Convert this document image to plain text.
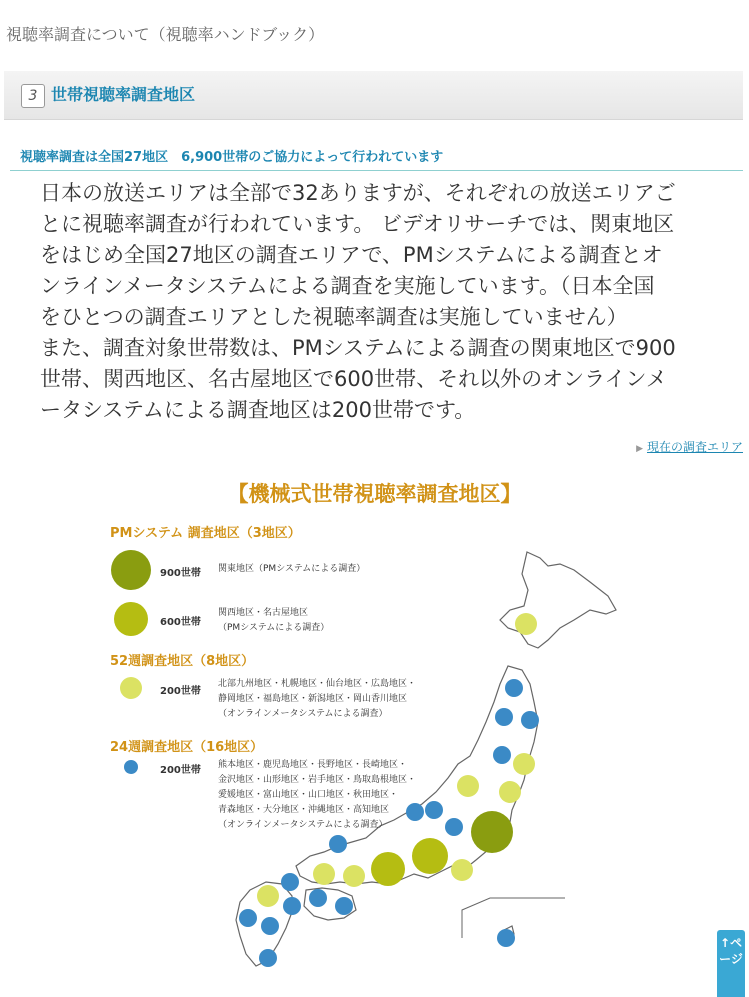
視聴率調査について（視聴率ハンドブック）
3 世帯視聴率調査地区
視聴率調査は全国27地区　6,900世帯のご協力によって行われています

日本の放送エリアは全部で32ありますが、それぞれの放送エリアご

とに視聴率調査が行われています。 ビデオリサーチでは、関東地区

をはじめ全国27地区の調査エリアで、PMシステムによる調査とオ

ンラインメータシステムによる調査を実施しています。（日本全国

をひとつの調査エリアとした視聴率調査は実施していません）

また、調査対象世帯数は、PMシステムによる調査の関東地区で900

世帯、関西地区、名古屋地区で600世帯、それ以外のオンラインメ

ータシステムによる調査地区は200世帯です。

▶ 現在の調査エリア
【機械式世帯視聴率調査地区】
PMシステム 調査地区（3地区）
900世帯 関東地区（PMシステムによる調査）
600世帯
関西地区・名古屋地区
（PMシステムによる調査）
52週調査地区（8地区）
200世帯
北部九州地区・札幌地区・仙台地区・広島地区・
静岡地区・福島地区・新潟地区・岡山香川地区
（オンラインメータシステムによる調査）
24週調査地区（16地区）
200世帯 熊本地区・鹿児島地区・長野地区・長崎地区・
金沢地区・山形地区・岩手地区・鳥取島根地区・
愛媛地区・富山地区・山口地区・秋田地区・
青森地区・大分地区・沖縄地区・高知地区
（オンラインメータシステムによる調査）
↑ページ
